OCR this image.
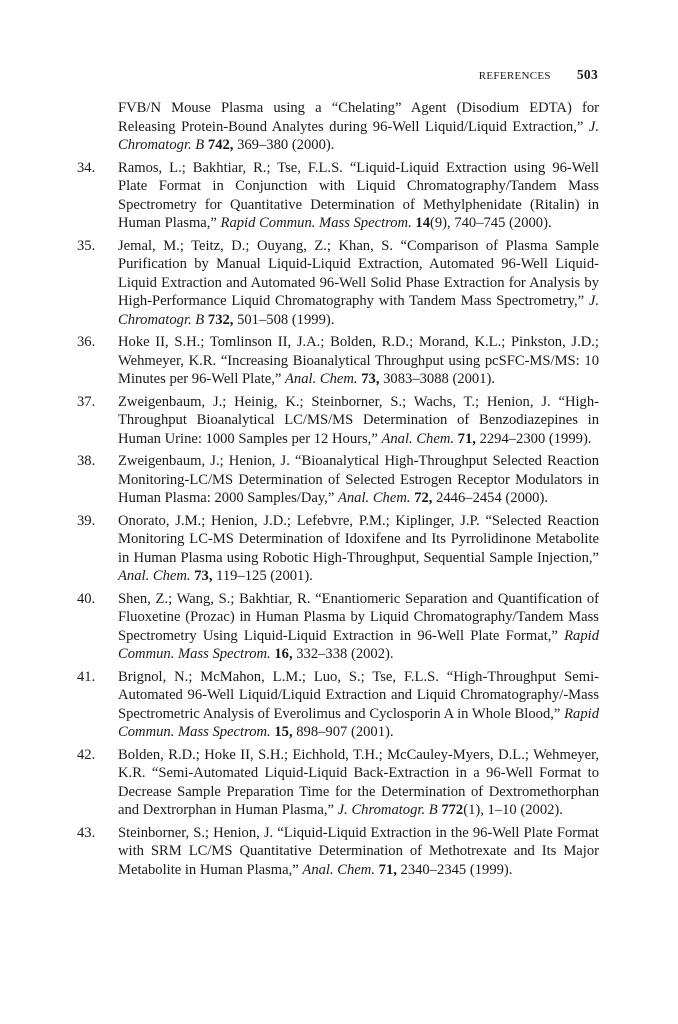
REFERENCES 503
FVB/N Mouse Plasma using a “Chelating” Agent (Disodium EDTA) for Releasing Protein-Bound Analytes during 96-Well Liquid/Liquid Extraction,” J. Chromatogr. B 742, 369–380 (2000).
34.	Ramos, L.; Bakhtiar, R.; Tse, F.L.S. “Liquid-Liquid Extraction using 96-Well Plate Format in Conjunction with Liquid Chromatography/Tandem Mass Spectrometry for Quantitative Determination of Methylphenidate (Ritalin) in Human Plasma,” Rapid Commun. Mass Spectrom. 14(9), 740–745 (2000).
35.	Jemal, M.; Teitz, D.; Ouyang, Z.; Khan, S. “Comparison of Plasma Sample Purification by Manual Liquid-Liquid Extraction, Automated 96-Well Liquid-Liquid Extraction and Automated 96-Well Solid Phase Extraction for Analysis by High-Performance Liquid Chromatography with Tandem Mass Spectrometry,” J. Chromatogr. B 732, 501–508 (1999).
36.	Hoke II, S.H.; Tomlinson II, J.A.; Bolden, R.D.; Morand, K.L.; Pinkston, J.D.; Wehmeyer, K.R. “Increasing Bioanalytical Throughput using pcSFC-MS/MS: 10 Minutes per 96-Well Plate,” Anal. Chem. 73, 3083–3088 (2001).
37.	Zweigenbaum, J.; Heinig, K.; Steinborner, S.; Wachs, T.; Henion, J. “High-Throughput Bioanalytical LC/MS/MS Determination of Benzodiazepines in Human Urine: 1000 Samples per 12 Hours,” Anal. Chem. 71, 2294–2300 (1999).
38.	Zweigenbaum, J.; Henion, J. “Bioanalytical High-Throughput Selected Reaction Monitoring-LC/MS Determination of Selected Estrogen Receptor Modulators in Human Plasma: 2000 Samples/Day,” Anal. Chem. 72, 2446–2454 (2000).
39.	Onorato, J.M.; Henion, J.D.; Lefebvre, P.M.; Kiplinger, J.P. “Selected Reaction Monitoring LC-MS Determination of Idoxifene and Its Pyrrolidinone Metabolite in Human Plasma using Robotic High-Throughput, Sequential Sample Injection,” Anal. Chem. 73, 119–125 (2001).
40.	Shen, Z.; Wang, S.; Bakhtiar, R. “Enantiomeric Separation and Quantification of Fluoxetine (Prozac) in Human Plasma by Liquid Chromatography/Tandem Mass Spectrometry Using Liquid-Liquid Extraction in 96-Well Plate Format,” Rapid Commun. Mass Spectrom. 16, 332–338 (2002).
41.	Brignol, N.; McMahon, L.M.; Luo, S.; Tse, F.L.S. “High-Throughput Semi-Automated 96-Well Liquid/Liquid Extraction and Liquid Chromatography/-Mass Spectrometric Analysis of Everolimus and Cyclosporin A in Whole Blood,” Rapid Commun. Mass Spectrom. 15, 898–907 (2001).
42.	Bolden, R.D.; Hoke II, S.H.; Eichhold, T.H.; McCauley-Myers, D.L.; Wehmeyer, K.R. “Semi-Automated Liquid-Liquid Back-Extraction in a 96-Well Format to Decrease Sample Preparation Time for the Determination of Dextromethorphan and Dextrorphan in Human Plasma,” J. Chromatogr. B 772(1), 1–10 (2002).
43.	Steinborner, S.; Henion, J. “Liquid-Liquid Extraction in the 96-Well Plate Format with SRM LC/MS Quantitative Determination of Methotrexate and Its Major Metabolite in Human Plasma,” Anal. Chem. 71, 2340–2345 (1999).
